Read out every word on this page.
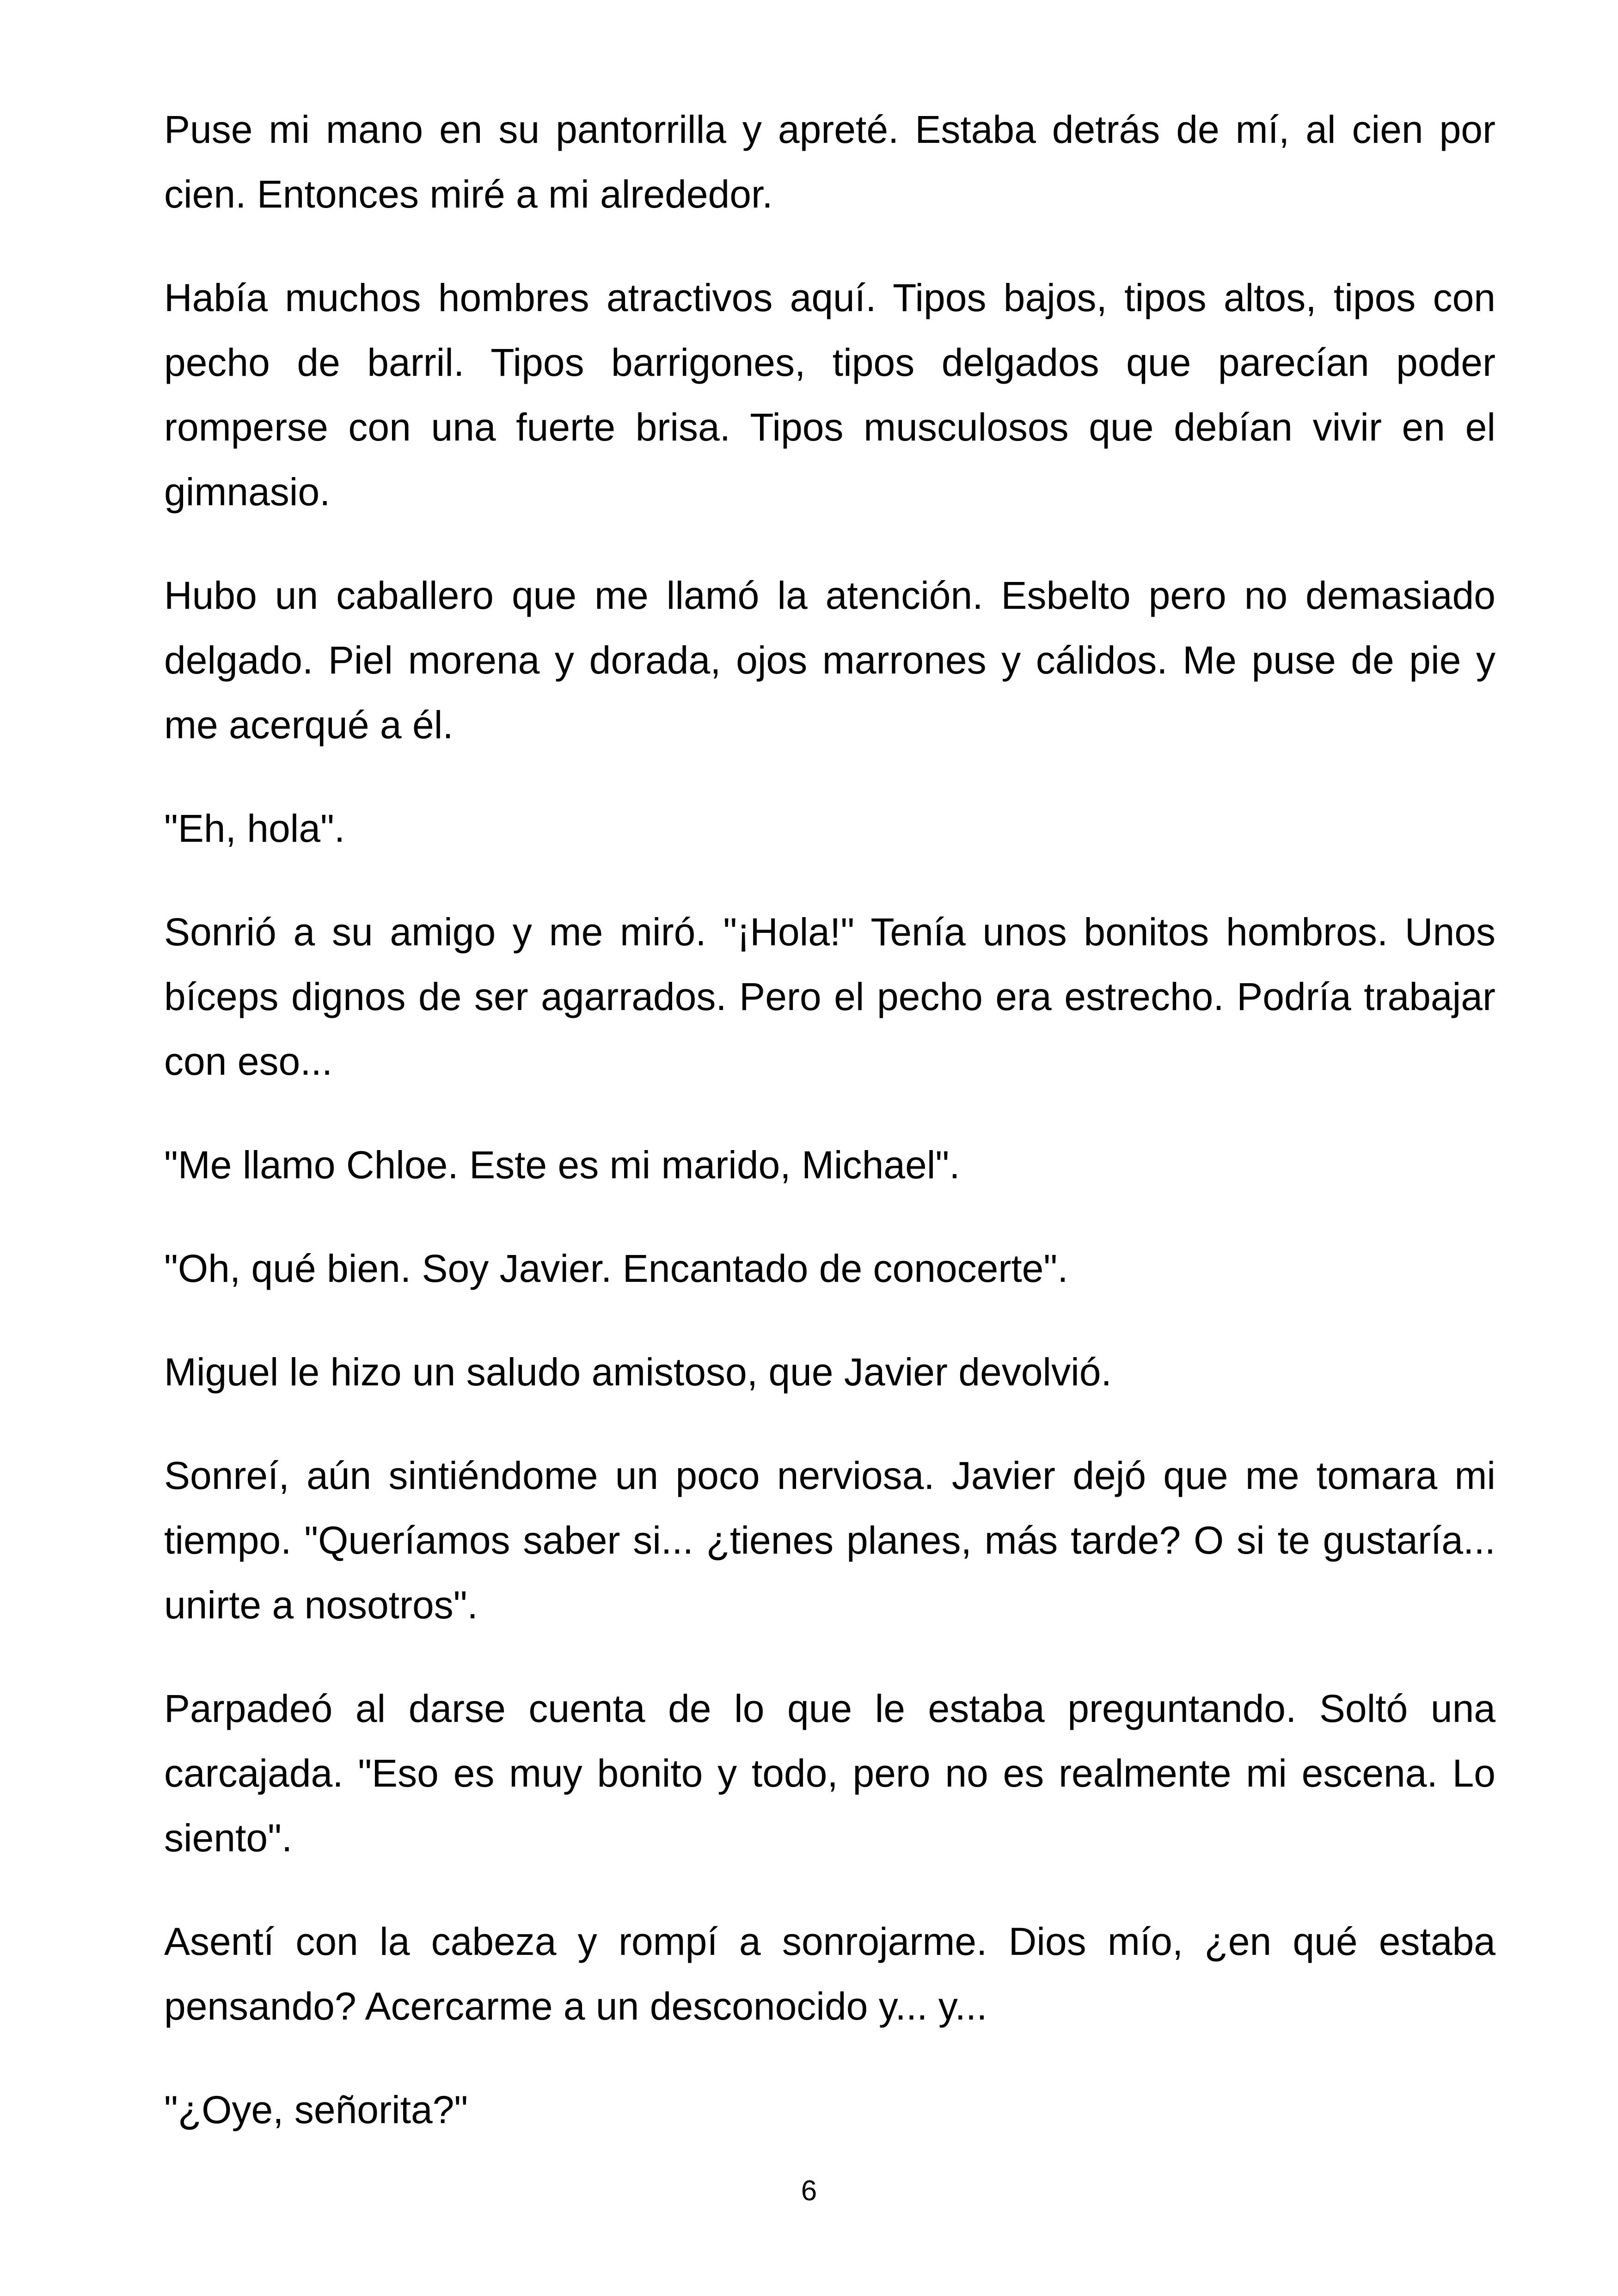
Puse mi mano en su pantorrilla y apreté. Estaba detrás de mí, al cien por cien. Entonces miré a mi alrededor.

Había muchos hombres atractivos aquí. Tipos bajos, tipos altos, tipos con pecho de barril. Tipos barrigones, tipos delgados que parecían poder romperse con una fuerte brisa. Tipos musculosos que debían vivir en el gimnasio.

Hubo un caballero que me llamó la atención. Esbelto pero no demasiado delgado. Piel morena y dorada, ojos marrones y cálidos. Me puse de pie y me acerqué a él.

"Eh, hola".

Sonrió a su amigo y me miró. "¡Hola!" Tenía unos bonitos hombros. Unos bíceps dignos de ser agarrados. Pero el pecho era estrecho. Podría trabajar con eso...

"Me llamo Chloe. Este es mi marido, Michael".

"Oh, qué bien. Soy Javier. Encantado de conocerte".

Miguel le hizo un saludo amistoso, que Javier devolvió.

Sonreí, aún sintiéndome un poco nerviosa. Javier dejó que me tomara mi tiempo. "Queríamos saber si... ¿tienes planes, más tarde? O si te gustaría... unirte a nosotros".

Parpadeó al darse cuenta de lo que le estaba preguntando. Soltó una carcajada. "Eso es muy bonito y todo, pero no es realmente mi escena. Lo siento".

Asentí con la cabeza y rompí a sonrojarme. Dios mío, ¿en qué estaba pensando? Acercarme a un desconocido y... y...

"¿Oye, señorita?"

6
